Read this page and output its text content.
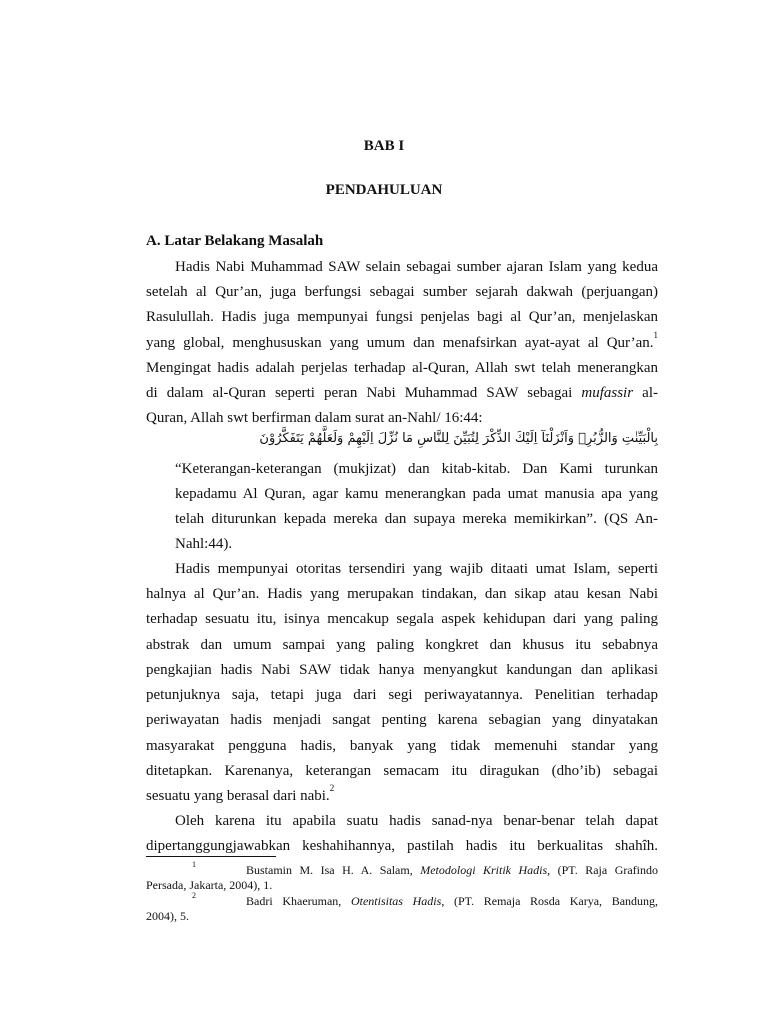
BAB I
PENDAHULUAN
A. Latar Belakang Masalah
Hadis Nabi Muhammad SAW selain sebagai sumber ajaran Islam yang kedua
setelah al Qur’an, juga berfungsi sebagai sumber sejarah dakwah (perjuangan)
Rasulullah. Hadis juga mempunyai fungsi penjelas bagi al Qur’an, menjelaskan
yang global, menghususkan yang umum dan menafsirkan ayat-ayat al Qur’an.$^1$
Mengingat hadis adalah perjelas terhadap al-Quran, Allah swt telah menerangkan
di dalam al-Quran seperti peran Nabi Muhammad SAW sebagai mufassir al-
Quran, Allah swt berfirman dalam surat an-Nahl/ 16:44:
بِالْبَيِّنٰتِ وَالزُّبُرِۗ وَاَنْزَلْنَآ اِلَيْكَ الذِّكْرَ لِتُبَيِّنَ لِلنَّاسِ مَا نُزِّلَ اِلَيْهِمْ وَلَعَلَّهُمْ يَتَفَكَّرُوْنَ
“Keterangan-keterangan (mukjizat) dan kitab-kitab. Dan Kami turunkan
kepadamu Al Quran, agar kamu menerangkan pada umat manusia apa yang
telah diturunkan kepada mereka dan supaya mereka memikirkan”. (QS An-
Nahl:44).
Hadis mempunyai otoritas tersendiri yang wajib ditaati umat Islam, seperti
halnya al Qur’an. Hadis yang merupakan tindakan, dan sikap atau kesan Nabi
terhadap sesuatu itu, isinya mencakup segala aspek kehidupan dari yang paling
abstrak dan umum sampai yang paling kongkret dan khusus itu sebabnya
pengkajian hadis Nabi SAW tidak hanya menyangkut kandungan dan aplikasi
petunjuknya saja, tetapi juga dari segi periwayatannya. Penelitian terhadap
periwayatan hadis menjadi sangat penting karena sebagian yang dinyatakan
masyarakat pengguna hadis, banyak yang tidak memenuhi standar yang
ditetapkan. Karenanya, keterangan semacam itu diragukan (dho’ib) sebagai
sesuatu yang berasal dari nabi.$^2$
Oleh karena itu apabila suatu hadis sanad-nya benar-benar telah dapat
dipertanggungjawabkan keshahihannya, pastilah hadis itu berkualitas shahîh.
1	Bustamin M. Isa H. A. Salam, Metodologi Kritik Hadis, (PT. Raja Grafindo
Persada, Jakarta, 2004), 1.
2	Badri Khaeruman, Otentisitas Hadis, (PT. Remaja Rosda Karya, Bandung,
2004), 5.
